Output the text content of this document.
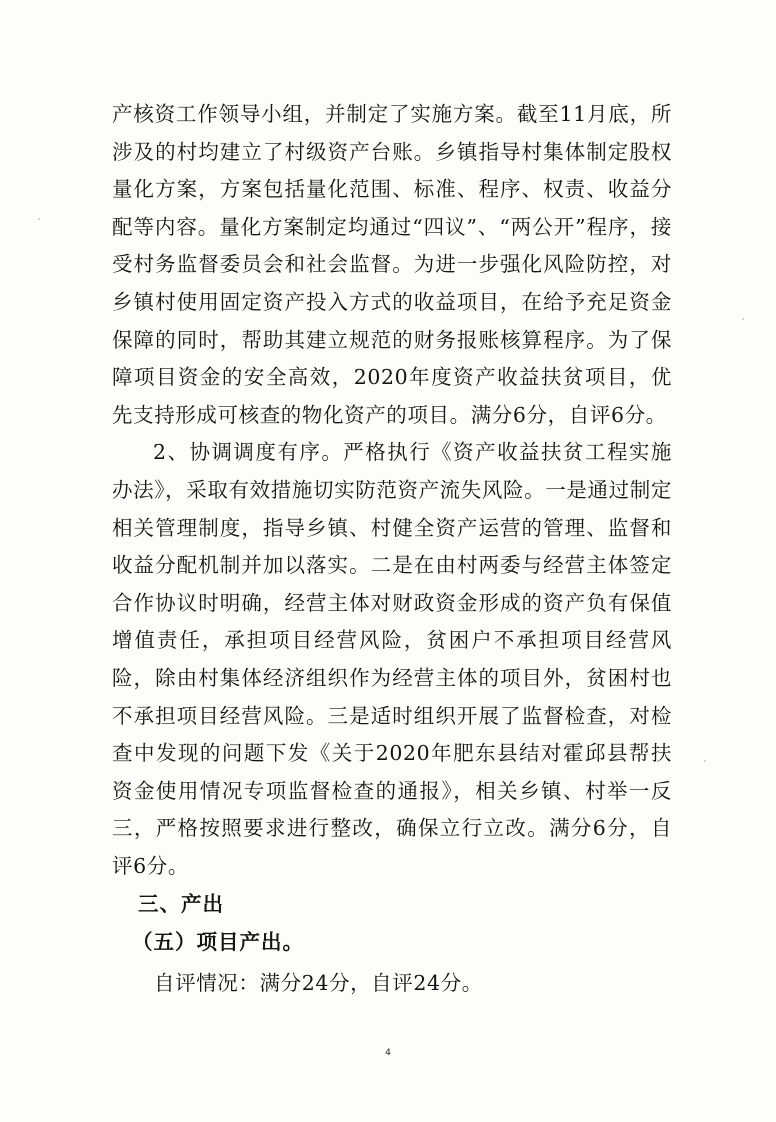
产核资工作领导小组，并制定了实施方案。截至11月底，所涉及的村均建立了村级资产台账。乡镇指导村集体制定股权量化方案，方案包括量化范围、标准、程序、权责、收益分配等内容。量化方案制定均通过“四议”、“两公开”程序，接受村务监督委员会和社会监督。为进一步强化风险防控，对乡镇村使用固定资产投入方式的收益项目，在给予充足资金保障的同时，帮助其建立规范的财务报账核算程序。为了保障项目资金的安全高效，2020年度资产收益扶贫项目，优先支持形成可核查的物化资产的项目。满分6分，自评6分。

2、协调调度有序。严格执行《资产收益扶贫工程实施办法》，采取有效措施切实防范资产流失风险。一是通过制定相关管理制度，指导乡镇、村健全资产运营的管理、监督和收益分配机制并加以落实。二是在由村两委与经营主体签定合作协议时明确，经营主体对财政资金形成的资产负有保值增值责任，承担项目经营风险，贫困户不承担项目经营风险，除由村集体经济组织作为经营主体的项目外，贫困村也不承担项目经营风险。三是适时组织开展了监督检查，对检查中发现的问题下发《关于2020年肥东县结对霍邱县帮扶资金使用情况专项监督检查的通报》，相关乡镇、村举一反三，严格按照要求进行整改，确保立行立改。满分6分，自评6分。

三、产出

（五）项目产出。

自评情况：满分24分，自评24分。

4
